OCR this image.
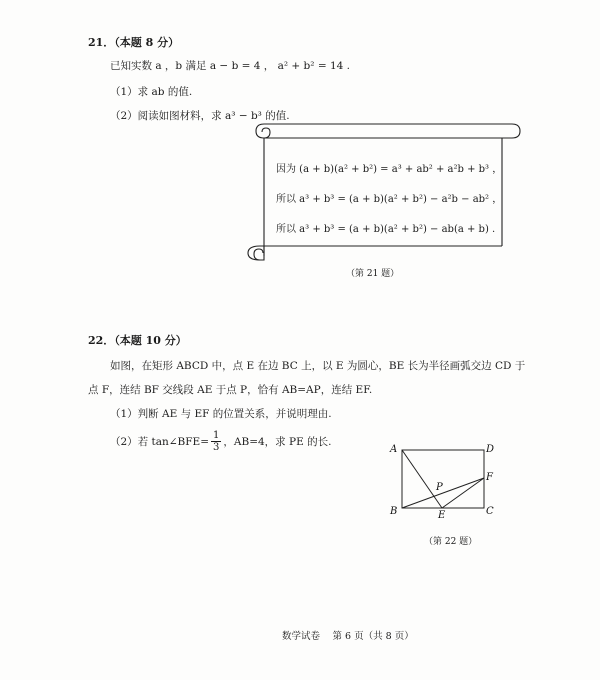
21．（本题 8 分）
已知实数 a ，b 满足 a − b = 4 ， a² + b² = 14 .
（1）求 ab 的值.
（2）阅读如图材料，求 a³ − b³ 的值.
因为 (a + b)(a² + b²) = a³ + ab² + a²b + b³ ，
所以 a³ + b³ = (a + b)(a² + b²) − a²b − ab² ，
所以 a³ + b³ = (a + b)(a² + b²) − ab(a + b) .
（第 21 题）
22．（本题 10 分）
如图，在矩形 ABCD 中，点 E 在边 BC 上，以 E 为圆心，BE 长为半径画弧交边 CD 于
点 F，连结 BF 交线段 AE 于点 P，恰有 AB=AP，连结 EF.
（1）判断 AE 与 EF 的位置关系，并说明理由.
（2）若 tan∠BFE= $\frac{1}{3}$ ，AB=4，求 PE 的长.
A	D
B	C
E
F
P
（第 22 题）
数学试卷　 第 6 页（共 8 页）
